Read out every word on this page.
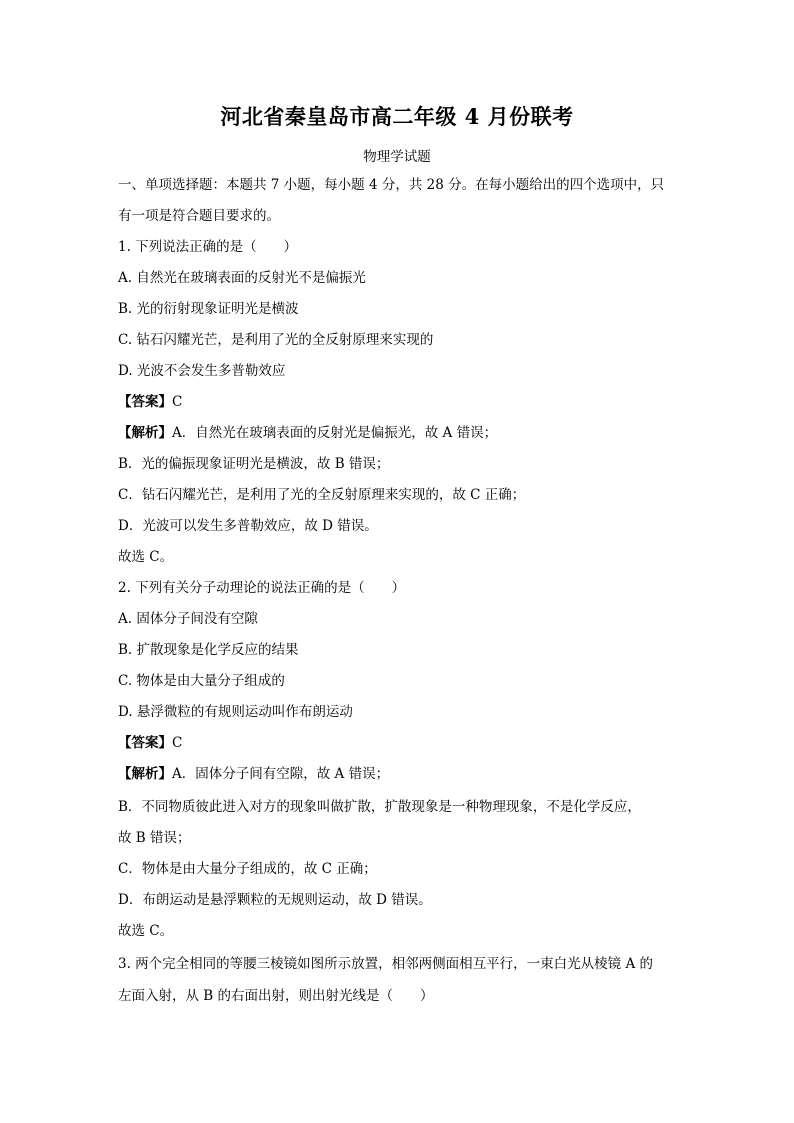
河北省秦皇岛市高二年级 4 月份联考
物理学试题
一、单项选择题：本题共 7 小题，每小题 4 分，共 28 分。在每小题给出的四个选项中，只
有一项是符合题目要求的。
1. 下列说法正确的是（　　）
A. 自然光在玻璃表面的反射光不是偏振光
B. 光的衍射现象证明光是横波
C. 钻石闪耀光芒，是利用了光的全反射原理来实现的
D. 光波不会发生多普勒效应
【答案】C
【解析】A．自然光在玻璃表面的反射光是偏振光，故 A 错误；
B．光的偏振现象证明光是横波，故 B 错误；
C．钻石闪耀光芒，是利用了光的全反射原理来实现的，故 C 正确；
D．光波可以发生多普勒效应，故 D 错误。
故选 C。
2. 下列有关分子动理论的说法正确的是（　　）
A. 固体分子间没有空隙
B. 扩散现象是化学反应的结果
C. 物体是由大量分子组成的
D. 悬浮微粒的有规则运动叫作布朗运动
【答案】C
【解析】A．固体分子间有空隙，故 A 错误；
B．不同物质彼此进入对方的现象叫做扩散，扩散现象是一种物理现象，不是化学反应，
故 B 错误；
C．物体是由大量分子组成的，故 C 正确；
D．布朗运动是悬浮颗粒的无规则运动，故 D 错误。
故选 C。
3. 两个完全相同的等腰三棱镜如图所示放置，相邻两侧面相互平行，一束白光从棱镜 A 的
左面入射，从 B 的右面出射，则出射光线是（　　）
